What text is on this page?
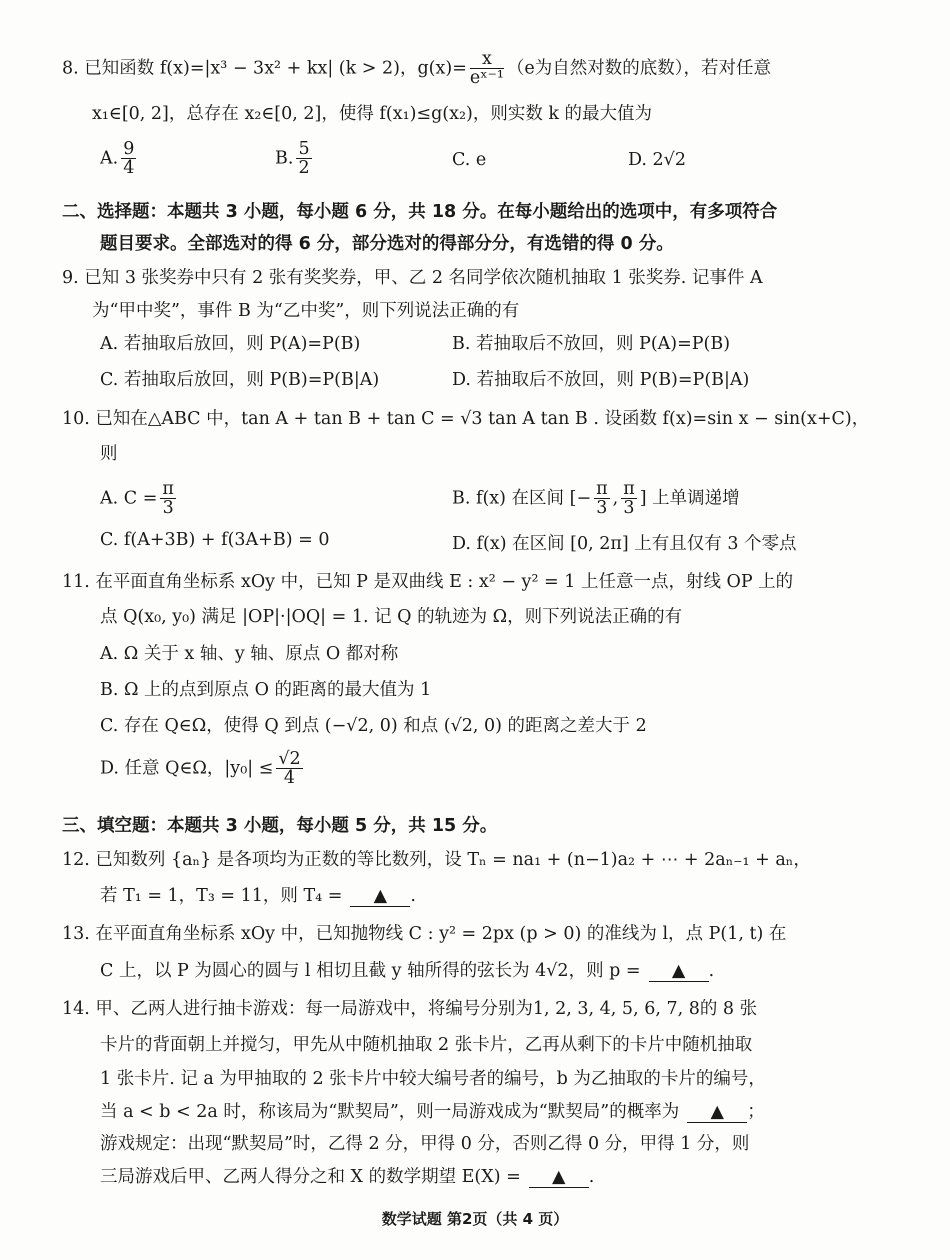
8. 已知函数 f(x)=|x³ − 3x² + kx| (k > 2)，$g(x)= \frac{x}{\text{eˣ⁻¹}} (e$为自然对数的底数），若对任意
x₁∈[0, 2]，总存在 x₂∈[0, 2]，使得 f(x₁)≤g(x₂)，则实数 k 的最大值为
A. $\frac{9}{4}$	B. $\frac{5}{2}$	C. e	D. 2√2
二、选择题：本题共 3 小题，每小题 6 分，共 18 分。在每小题给出的选项中，有多项符合
题目要求。全部选对的得 6 分，部分选对的得部分分，有选错的得 0 分。
9. 已知 3 张奖券中只有 2 张有奖奖券，甲、乙 2 名同学依次随机抽取 1 张奖券. 记事件 A
为“甲中奖”，事件 B 为“乙中奖”，则下列说法正确的有
A. 若抽取后放回，则 P(A)=P(B)	B. 若抽取后不放回，则 P(A)=P(B)
C. 若抽取后放回，则 P(B)=P(B|A)	D. 若抽取后不放回，则 P(B)=P(B|A)
10. 已知在△ABC 中，tan A + tan B + tan C = √3 tan A tan B . 设函数 f(x)=sin x − sin(x+C)，
则
A. $C = \frac{\pi}{3}$	B. f(x) 在区间 [− $\frac{\pi}{3}$ , $\frac{\pi}{3}$ ] 上单调递增
C. f(A+3B) + f(3A+B) = 0	D. f(x) 在区间 [0, 2π] 上有且仅有 3 个零点
11. 在平面直角坐标系 xOy 中，已知 P 是双曲线 E : x² − y² = 1 上任意一点，射线 OP 上的
点 Q(x₀, y₀) 满足 |OP|·|OQ| = 1. 记 Q 的轨迹为 Ω，则下列说法正确的有
A. Ω 关于 x 轴、y 轴、原点 O 都对称
B. Ω 上的点到原点 O 的距离的最大值为 1
C. 存在 Q∈Ω，使得 Q 到点 (−√2, 0) 和点 (√2, 0) 的距离之差大于 2
D. 任意 Q∈Ω，$|y_0| \le \frac{√2}{4}$
三、填空题：本题共 3 小题，每小题 5 分，共 15 分。
12. 已知数列 {aₙ} 是各项均为正数的等比数列，设 Tₙ = na₁ + (n−1)a₂ + ⋯ + 2aₙ₋₁ + aₙ，
若 T₁ = 1，T₃ = 11，则 T₄ = ▲ .
13. 在平面直角坐标系 xOy 中，已知抛物线 C : y² = 2px (p > 0) 的准线为 l，点 P(1, t) 在
C 上，以 P 为圆心的圆与 l 相切且截 y 轴所得的弦长为 4√2，则 p = ▲ .
14. 甲、乙两人进行抽卡游戏：每一局游戏中，将编号分别为1, 2, 3, 4, 5, 6, 7, 8的 8 张
卡片的背面朝上并搅匀，甲先从中随机抽取 2 张卡片，乙再从剩下的卡片中随机抽取
1 张卡片. 记 a 为甲抽取的 2 张卡片中较大编号者的编号，b 为乙抽取的卡片的编号，
当 a < b < 2a 时，称该局为“默契局”，则一局游戏成为“默契局”的概率为 ▲ ；
游戏规定：出现“默契局”时，乙得 2 分，甲得 0 分，否则乙得 0 分，甲得 1 分，则
三局游戏后甲、乙两人得分之和 X 的数学期望 E(X) = ▲ .
数学试题 第2页（共 4 页）
